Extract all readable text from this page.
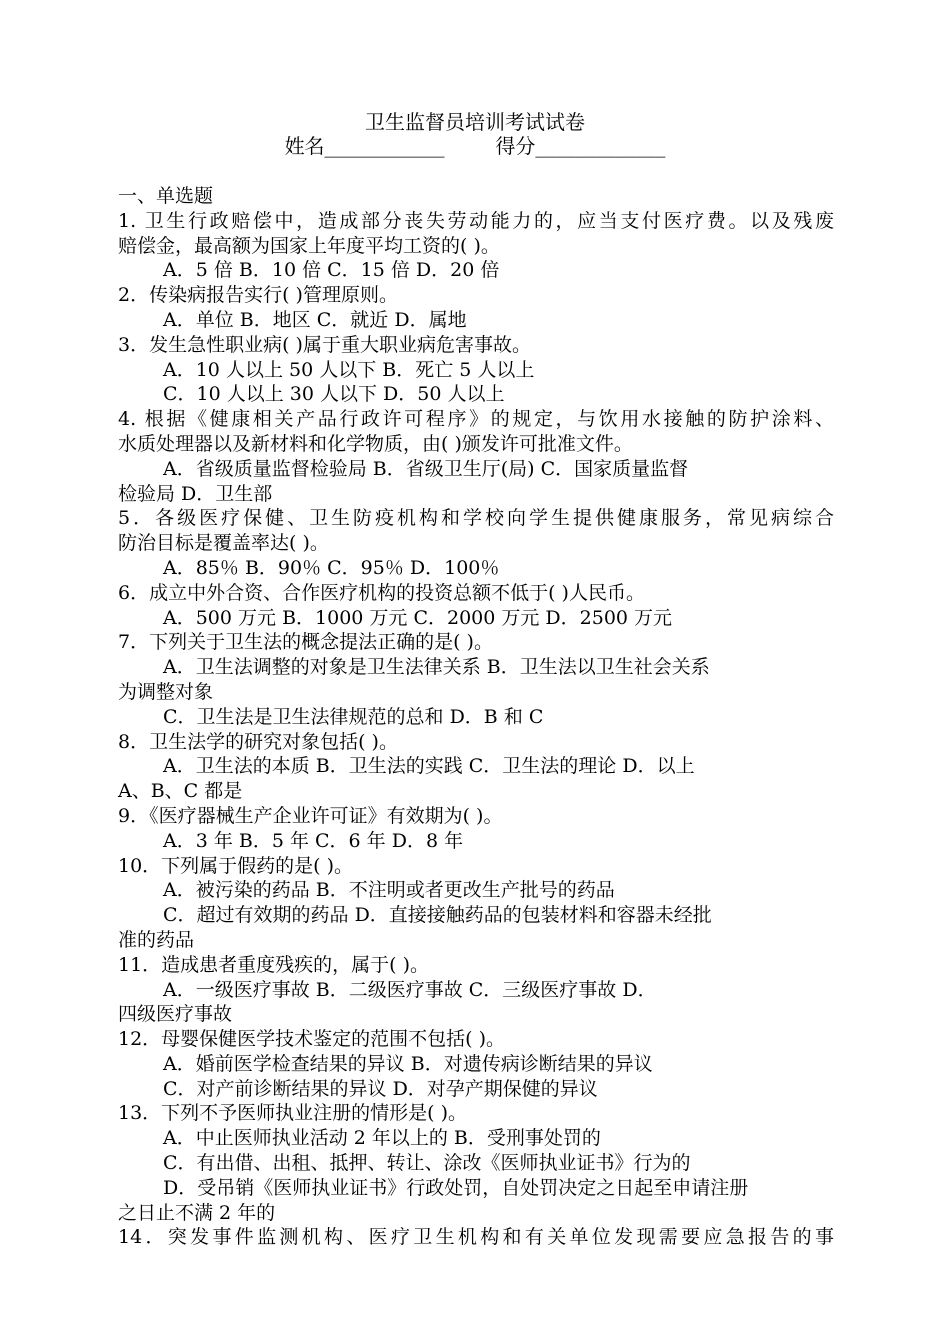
卫生监督员培训考试试卷
姓名____________	得分_____________
一、单选题
1. 卫生行政赔偿中，造成部分丧失劳动能力的，应当支付医疗费。以及残废
赔偿金，最高额为国家上年度平均工资的( )。
A．5 倍 B．10 倍 C．15 倍 D．20 倍
2．传染病报告实行( )管理原则。
A．单位 B．地区 C．就近 D．属地
3．发生急性职业病( )属于重大职业病危害事故。
A．10 人以上 50 人以下 B．死亡 5 人以上
C．10 人以上 30 人以下 D．50 人以上
4. 根据《健康相关产品行政许可程序》的规定，与饮用水接触的防护涂料、
水质处理器以及新材料和化学物质，由( )颁发许可批准文件。
A．省级质量监督检验局 B．省级卫生厅(局) C．国家质量监督
检验局 D．卫生部
5．各级医疗保健、卫生防疫机构和学校向学生提供健康服务，常见病综合
防治目标是覆盖率达( )。
A．85％ B．90％ C．95％ D．100％
6．成立中外合资、合作医疗机构的投资总额不低于( )人民币。
A．500 万元 B．1000 万元 C．2000 万元 D．2500 万元
7．下列关于卫生法的概念提法正确的是( )。
A．卫生法调整的对象是卫生法律关系 B．卫生法以卫生社会关系
为调整对象
C．卫生法是卫生法律规范的总和 D．B 和 C
8．卫生法学的研究对象包括( )。
A．卫生法的本质 B．卫生法的实践 C．卫生法的理论 D．以上
A、B、C 都是
9．《医疗器械生产企业许可证》有效期为( )。
A．3 年 B．5 年 C．6 年 D．8 年
10．下列属于假药的是( )。
A．被污染的药品 B．不注明或者更改生产批号的药品
C．超过有效期的药品 D．直接接触药品的包装材料和容器未经批
准的药品
11．造成患者重度残疾的，属于( )。
A．一级医疗事故 B．二级医疗事故 C．三级医疗事故 D．
四级医疗事故
12．母婴保健医学技术鉴定的范围不包括( )。
A．婚前医学检查结果的异议 B．对遗传病诊断结果的异议
C．对产前诊断结果的异议 D．对孕产期保健的异议
13．下列不予医师执业注册的情形是( )。
A．中止医师执业活动 2 年以上的 B．受刑事处罚的
C．有出借、出租、抵押、转让、涂改《医师执业证书》行为的
D．受吊销《医师执业证书》行政处罚，自处罚决定之日起至申请注册
之日止不满 2 年的
14．突发事件监测机构、医疗卫生机构和有关单位发现需要应急报告的事
